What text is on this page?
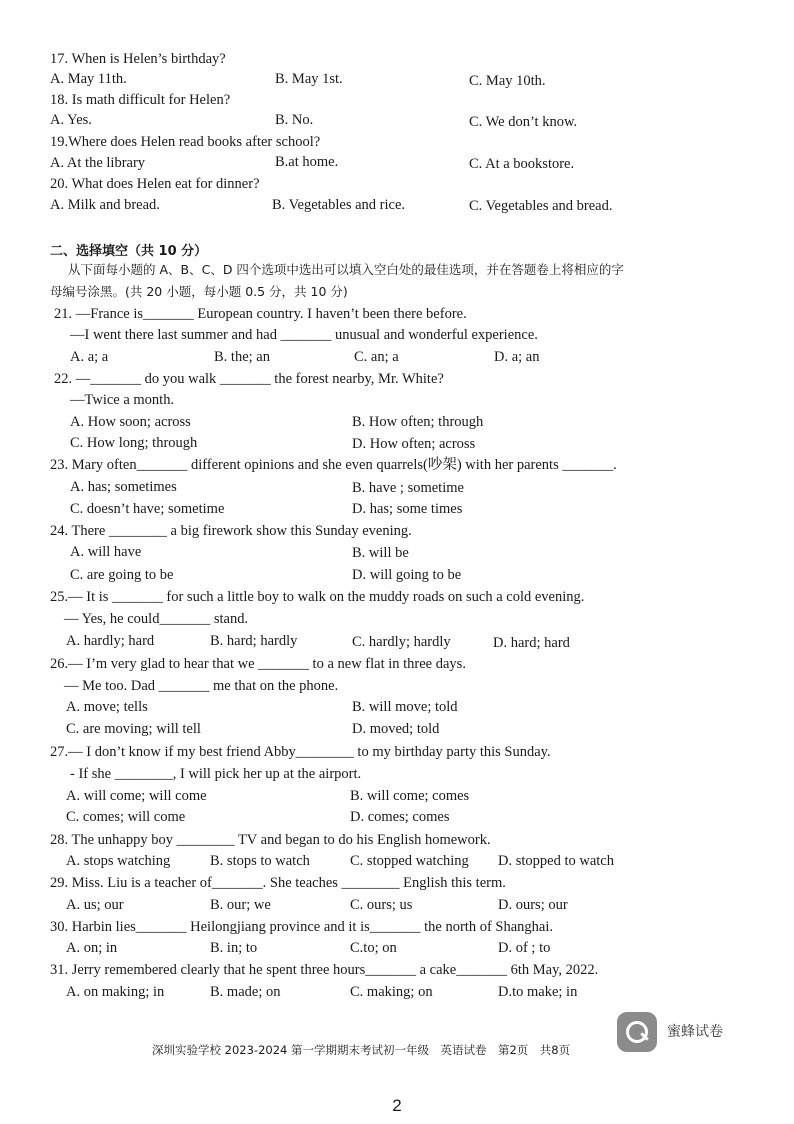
17. When is Helen’s birthday?
A. May 11th.	B. May 1st.	C. May 10th.
18. Is math difficult for Helen?
A. Yes.	B. No.	C. We don’t know.
19.Where does Helen read books after school?
A. At the library	B.at home.	C. At a bookstore.
20. What does Helen eat for dinner?
A. Milk and bread.	B. Vegetables and rice.	C. Vegetables and bread.
二、选择填空（共 10 分）
从下面每小题的 A、B、C、D 四个选项中选出可以填入空白处的最佳选项，并在答题卷上将相应的字
母编号涂黑。(共 20 小题，每小题 0.5 分，共 10 分)
21. —France is_______ European country. I haven’t been there before.
—I went there last summer and had _______ unusual and wonderful experience.
A. a; a	B. the; an	C. an; a	D. a; an
22. —_______ do you walk _______ the forest nearby, Mr. White?
—Twice a month.
A. How soon; across	B. How often; through
C. How long; through	D. How often; across
23. Mary often_______ different opinions and she even quarrels(吵架) with her parents _______.
A. has; sometimes	B. have ; sometime
C. doesn’t have; sometime	D. has; some times
24. There ________ a big firework show this Sunday evening.
A. will have	B. will be
C. are going to be	D. will going to be
25.— It is _______ for such a little boy to walk on the muddy roads on such a cold evening.
— Yes, he could_______ stand.
A. hardly; hard	B. hard; hardly	C. hardly; hardly	D. hard; hard
26.— I’m very glad to hear that we _______ to a new flat in three days.
— Me too. Dad _______ me that on the phone.
A. move; tells	B. will move; told
C. are moving; will tell	D. moved; told
27.— I don’t know if my best friend Abby________ to my birthday party this Sunday.
- If she ________, I will pick her up at the airport.
A. will come; will come	B. will come; comes
C. comes; will come	D. comes; comes
28. The unhappy boy ________ TV and began to do his English homework.
A. stops watching	B. stops to watch	C. stopped watching D. stopped to watch
29. Miss. Liu is a teacher of_______. She teaches ________ English this term.
A. us; our	B. our; we	C. ours; us	D. ours; our
30. Harbin lies_______ Heilongjiang province and it is_______ the north of Shanghai.
A. on; in	B. in; to	C.to; on	D. of ; to
31. Jerry remembered clearly that he spent three hours_______ a cake_______ 6th May, 2022.
A. on making; in	B. made; on	C. making; on	D.to make; in
蜜蜂试卷
深圳实验学校 2023-2024 第一学期期末考试初一年级　英语试卷　第2页　共8页
2
